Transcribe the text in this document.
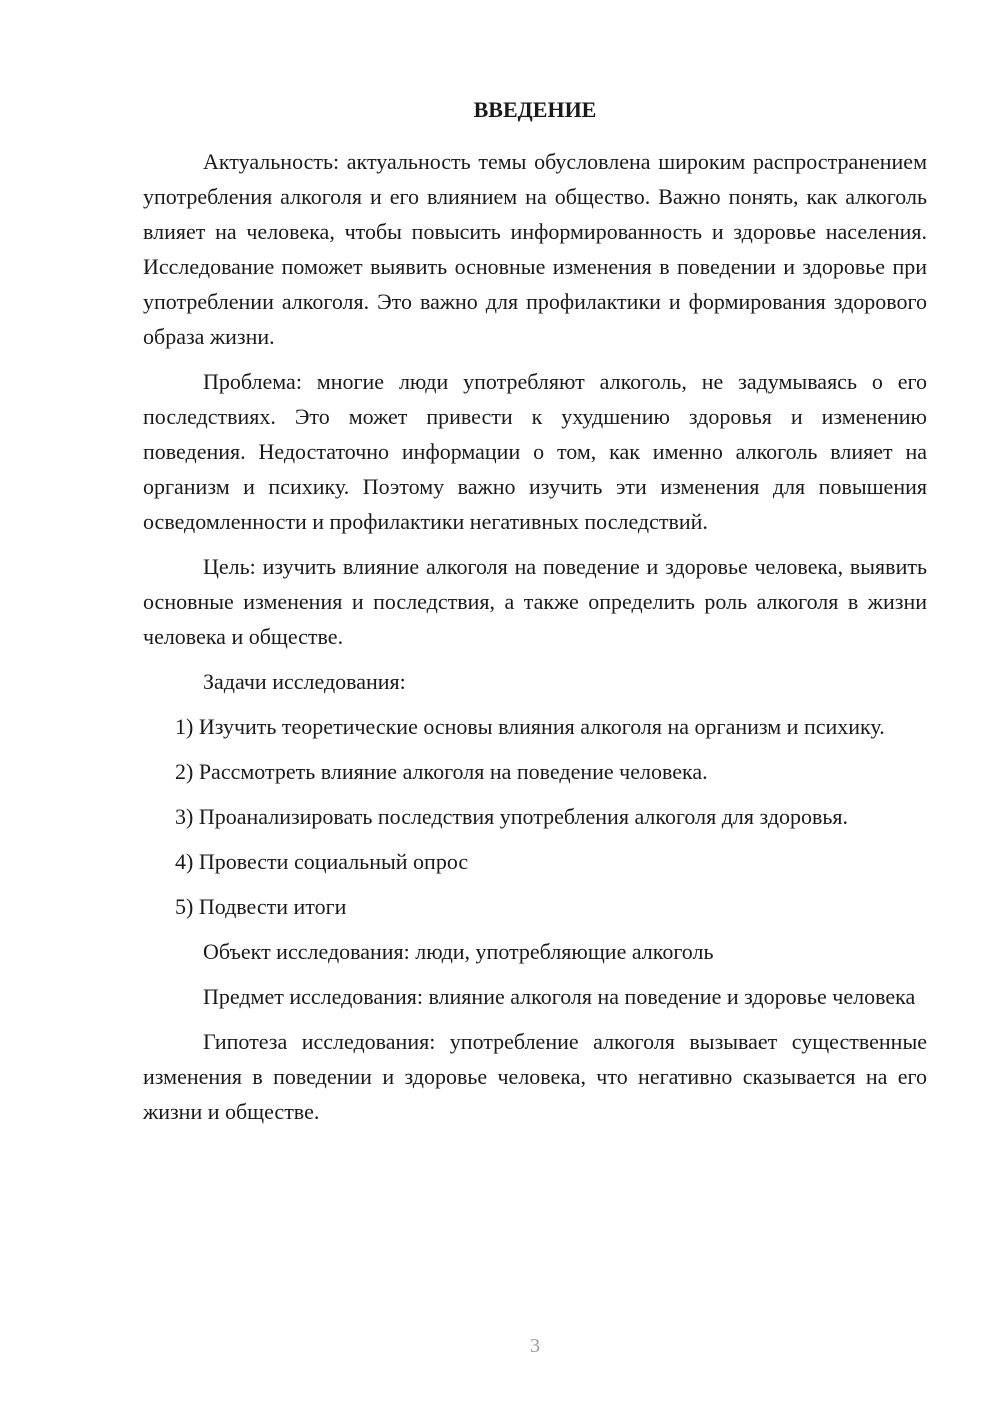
ВВЕДЕНИЕ

Актуальность: актуальность темы обусловлена широким распространением употребления алкоголя и его влиянием на общество. Важно понять, как алкоголь влияет на человека, чтобы повысить информированность и здоровье населения. Исследование поможет выявить основные изменения в поведении и здоровье при употреблении алкоголя. Это важно для профилактики и формирования здорового образа жизни.

Проблема: многие люди употребляют алкоголь, не задумываясь о его последствиях. Это может привести к ухудшению здоровья и изменению поведения. Недостаточно информации о том, как именно алкоголь влияет на организм и психику. Поэтому важно изучить эти изменения для повышения осведомленности и профилактики негативных последствий.

Цель: изучить влияние алкоголя на поведение и здоровье человека, выявить основные изменения и последствия, а также определить роль алкоголя в жизни человека и обществе.

Задачи исследования:

1) Изучить теоретические основы влияния алкоголя на организм и психику.

2) Рассмотреть влияние алкоголя на поведение человека.

3) Проанализировать последствия употребления алкоголя для здоровья.

4) Провести социальный опрос

5) Подвести итоги

Объект исследования: люди, употребляющие алкоголь

Предмет исследования: влияние алкоголя на поведение и здоровье человека

Гипотеза исследования: употребление алкоголя вызывает существенные изменения в поведении и здоровье человека, что негативно сказывается на его жизни и обществе.

3
